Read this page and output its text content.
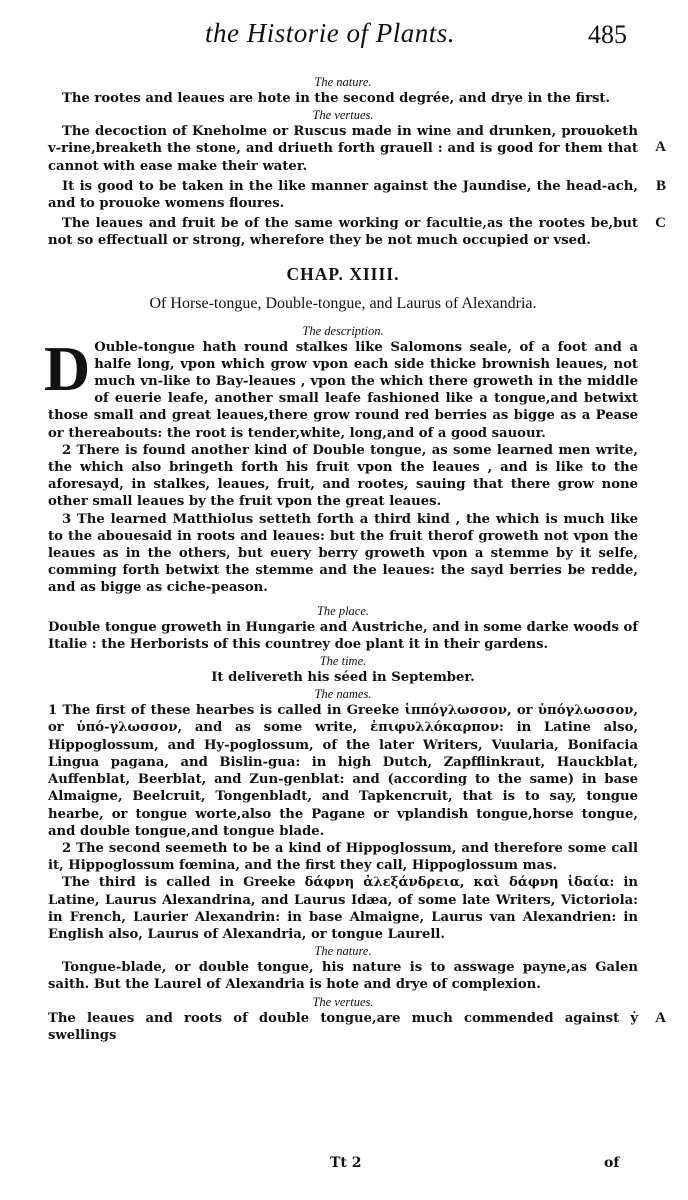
the Historie of Plants.	485
The nature.

The rootes and leaues are hote in the second degrée, and drye in the first.

The vertues.

The decoction of Kneholme or Ruscus made in wine and drunken, prouoketh v-rine,breaketh the stone, and driueth forth grauell : and is good for them that cannot with ease make their water.
A

It is good to be taken in the like manner against the Jaundise, the head-ach, and to prouoke womens floures.
B

The leaues and fruit be of the same working or facultie,as the rootes be,but not so effectuall or strong, wherefore they be not much occupied or vsed.
C

CHAP. XIIII.
Of Horse-tongue, Double-tongue, and Laurus of Alexandria.
The description.

D Ouble-tongue hath round stalkes like Salomons seale, of a foot and a halfe long, vpon which grow vpon each side thicke brownish leaues, not much vn-like to Bay-leaues , vpon the which there groweth in the middle of euerie leafe, another small leafe fashioned like a tongue,and betwixt those small and great leaues,there grow round red berries as bigge as a Pease or thereabouts: the root is tender,white, long,and of a good sauour.

2 There is found another kind of Double tongue, as some learned men write, the which also bringeth forth his fruit vpon the leaues , and is like to the aforesayd, in stalkes, leaues, fruit, and rootes, sauing that there grow none other small leaues by the fruit vpon the great leaues.

3 The learned Matthiolus setteth forth a third kind , the which is much like to the abouesaid in roots and leaues: but the fruit therof groweth not vpon the leaues as in the others, but euery berry groweth vpon a stemme by it selfe, comming forth betwixt the stemme and the leaues: the sayd berries be redde, and as bigge as ciche-peason.

The place.

Double tongue groweth in Hungarie and Austriche, and in some darke woods of Italie : the Herborists of this countrey doe plant it in their gardens.

The time.

It delivereth his séed in September.

The names.

1 The first of these hearbes is called in Greeke ἱππόγλωσσον, or ὑπόγλωσσον, or ὑπό-γλωσσον, and as some write, ἐπιφυλλόκαρπον: in Latine also, Hippoglossum, and Hy-poglossum, of the later Writers, Vuularia, Bonifacia Lingua pagana, and Bislin-gua: in high Dutch, Zapfflinkraut, Hauckblat, Auffenblat, Beerblat, and Zun-genblat: and (according to the same) in base Almaigne, Beelcruit, Tongenbladt, and Tapkencruit, that is to say, tongue hearbe, or tongue worte,also the Pagane or vplandish tongue,horse tongue, and double tongue,and tongue blade.

2 The second seemeth to be a kind of Hippoglossum, and therefore some call it, Hippoglossum fœmina, and the first they call, Hippoglossum mas.

The third is called in Greeke δάφνη ἀλεξάνδρεια, καὶ δάφνη ἰδαία: in Latine, Laurus Alexandrina, and Laurus Idæa, of some late Writers, Victoriola: in French, Laurier Alexandrin: in base Almaigne, Laurus van Alexandrien: in English also, Laurus of Alexandria, or tongue Laurell.

The nature.

Tongue-blade, or double tongue, his nature is to asswage payne,as Galen saith. But the Laurel of Alexandria is hote and drye of complexion.

The vertues.

The leaues and roots of double tongue,are much commended against ẏ swellings
A

Tt 2	of
